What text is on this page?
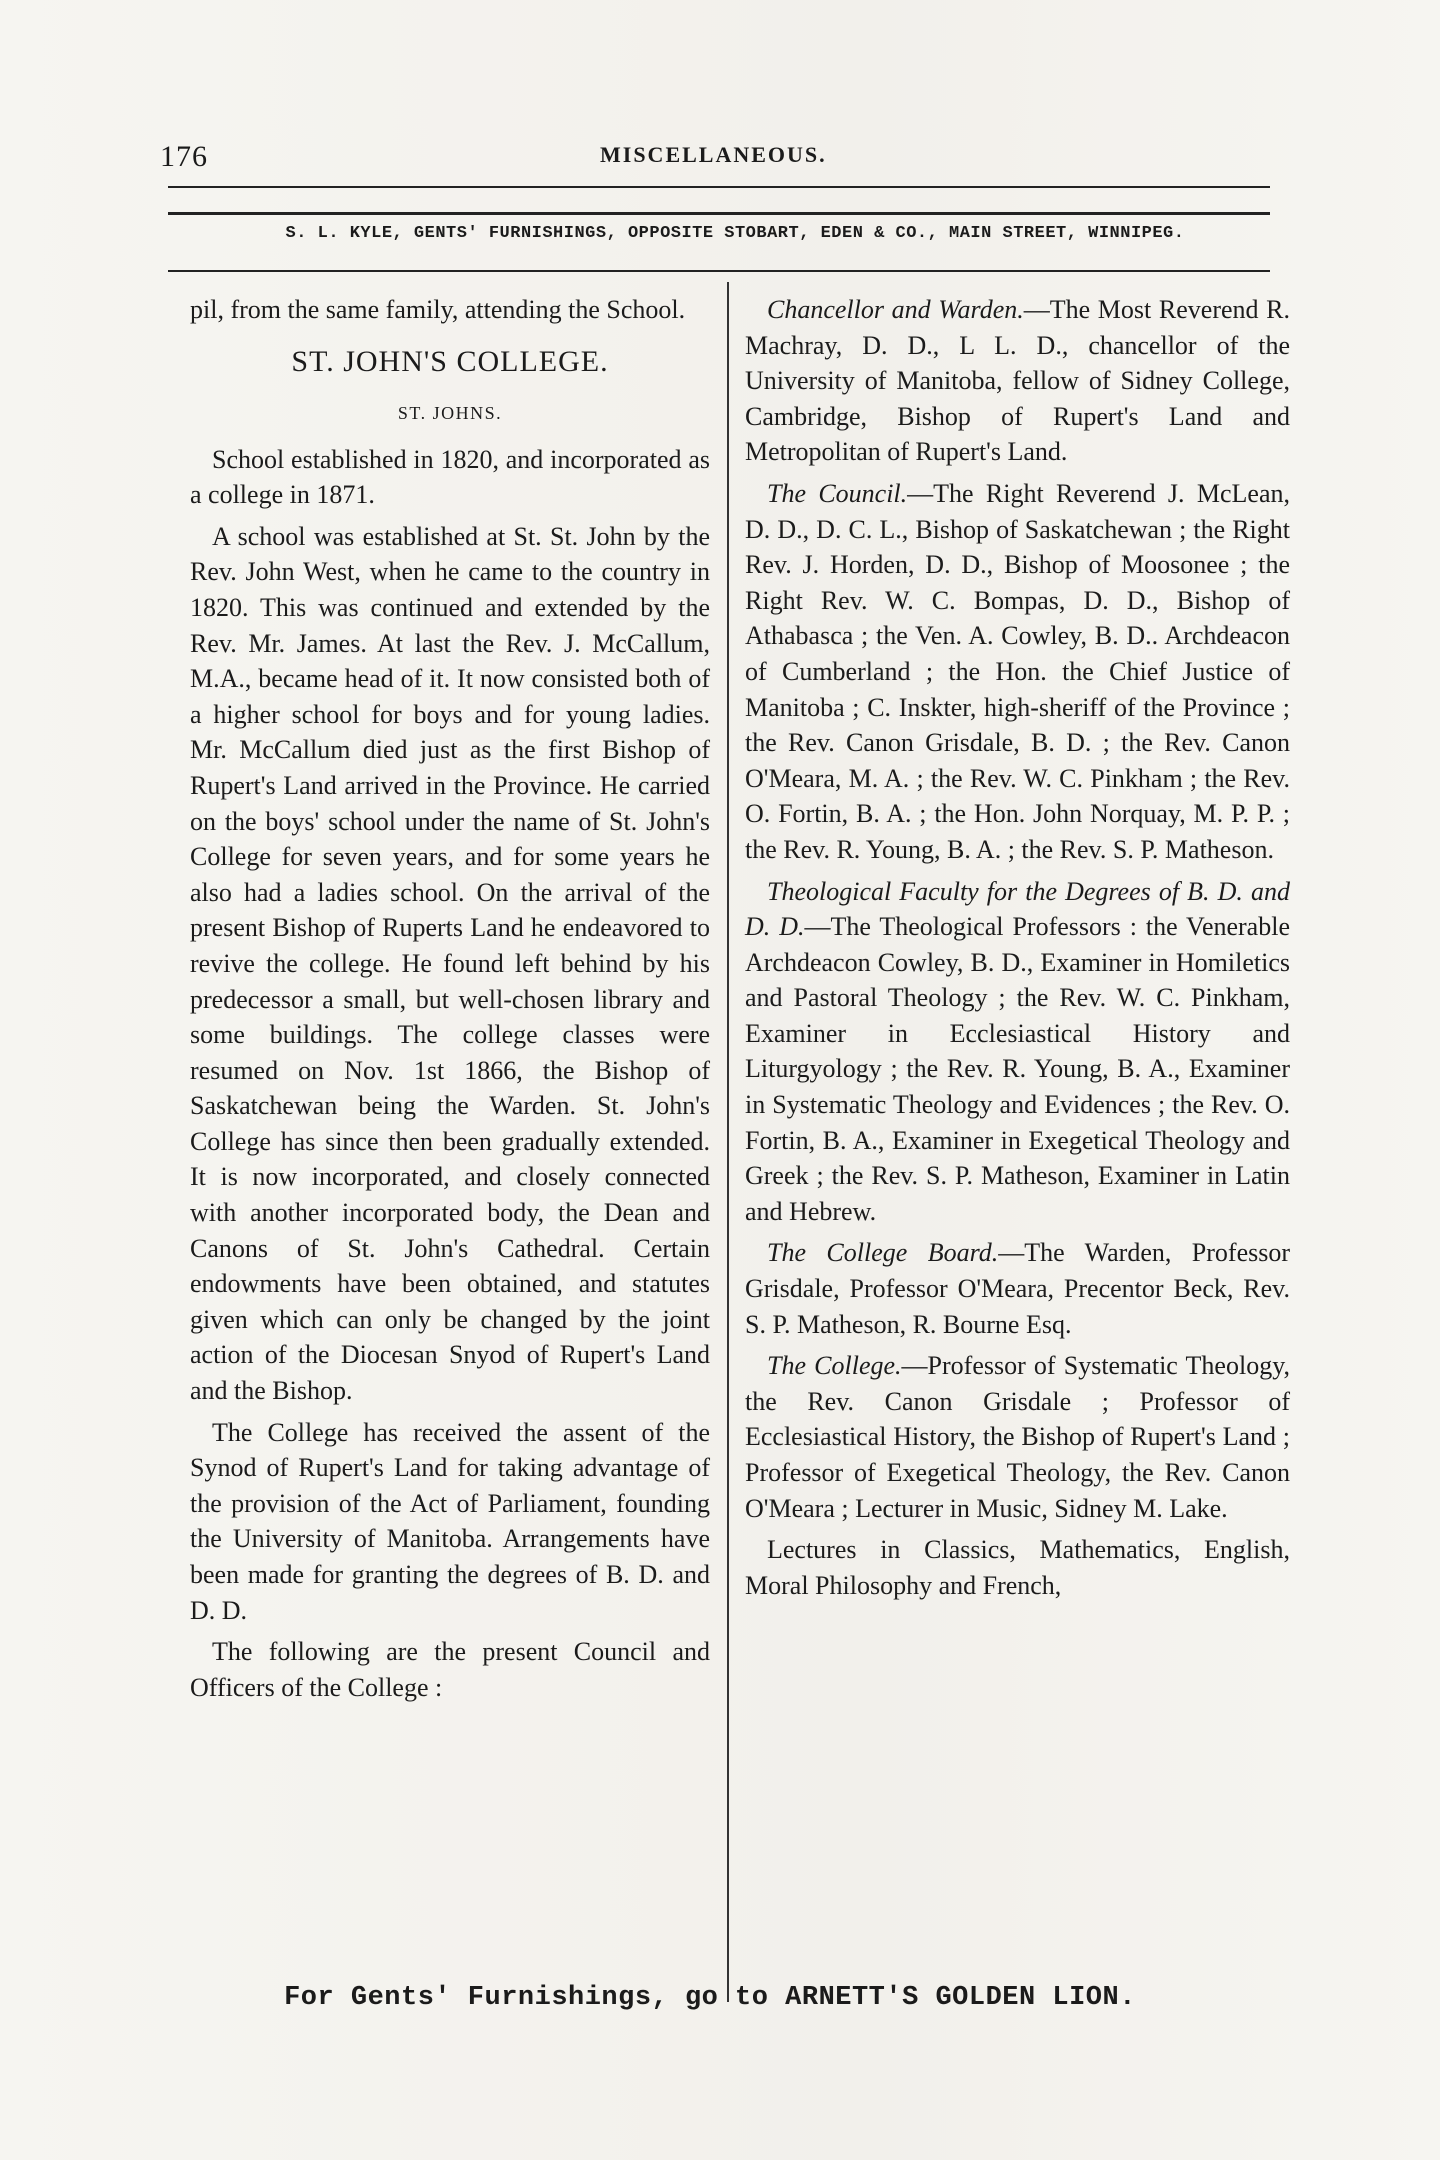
176	MISCELLANEOUS.
S. L. KYLE, GENTS' FURNISHINGS, OPPOSITE STOBART, EDEN & CO., MAIN STREET, WINNIPEG.

pil, from the same family, attending the School.

ST. JOHN'S COLLEGE.
ST. JOHNS.

School established in 1820, and incorporated as a college in 1871.

A school was established at St. St. John by the Rev. John West, when he came to the country in 1820. This was continued and extended by the Rev. Mr. James. At last the Rev. J. McCallum, M.A., became head of it. It now consisted both of a higher school for boys and for young ladies. Mr. McCallum died just as the first Bishop of Rupert's Land arrived in the Province. He carried on the boys' school under the name of St. John's College for seven years, and for some years he also had a ladies school. On the arrival of the present Bishop of Ruperts Land he endeavored to revive the college. He found left behind by his predecessor a small, but well-chosen library and some buildings. The college classes were resumed on Nov. 1st 1866, the Bishop of Saskatchewan being the Warden. St. John's College has since then been gradually extended. It is now incorporated, and closely connected with another incorporated body, the Dean and Canons of St. John's Cathedral. Certain endowments have been obtained, and statutes given which can only be changed by the joint action of the Diocesan Snyod of Rupert's Land and the Bishop.

The College has received the assent of the Synod of Rupert's Land for taking advantage of the provision of the Act of Parliament, founding the University of Manitoba. Arrangements have been made for granting the degrees of B. D. and D. D.

The following are the present Council and Officers of the College :

Chancellor and Warden.—The Most Reverend R. Machray, D. D., L L. D., chancellor of the University of Manitoba, fellow of Sidney College, Cambridge, Bishop of Rupert's Land and Metropolitan of Rupert's Land.

The Council.—The Right Reverend J. McLean, D. D., D. C. L., Bishop of Saskatchewan ; the Right Rev. J. Horden, D. D., Bishop of Moosonee ; the Right Rev. W. C. Bompas, D. D., Bishop of Athabasca ; the Ven. A. Cowley, B. D.. Archdeacon of Cumberland ; the Hon. the Chief Justice of Manitoba ; C. Inskter, high-sheriff of the Province ; the Rev. Canon Grisdale, B. D. ; the Rev. Canon O'Meara, M. A. ; the Rev. W. C. Pinkham ; the Rev. O. Fortin, B. A. ; the Hon. John Norquay, M. P. P. ; the Rev. R. Young, B. A. ; the Rev. S. P. Matheson.

Theological Faculty for the Degrees of B. D. and D. D.—The Theological Professors : the Venerable Archdeacon Cowley, B. D., Examiner in Homiletics and Pastoral Theology ; the Rev. W. C. Pinkham, Examiner in Ecclesiastical History and Liturgyology ; the Rev. R. Young, B. A., Examiner in Systematic Theology and Evidences ; the Rev. O. Fortin, B. A., Examiner in Exegetical Theology and Greek ; the Rev. S. P. Matheson, Examiner in Latin and Hebrew.

The College Board.—The Warden, Professor Grisdale, Professor O'Meara, Precentor Beck, Rev. S. P. Matheson, R. Bourne Esq.

The College.—Professor of Systematic Theology, the Rev. Canon Grisdale ; Professor of Ecclesiastical History, the Bishop of Rupert's Land ; Professor of Exegetical Theology, the Rev. Canon O'Meara ; Lecturer in Music, Sidney M. Lake.

Lectures in Classics, Mathematics, English, Moral Philosophy and French,

For Gents' Furnishings, go to ARNETT'S GOLDEN LION.
